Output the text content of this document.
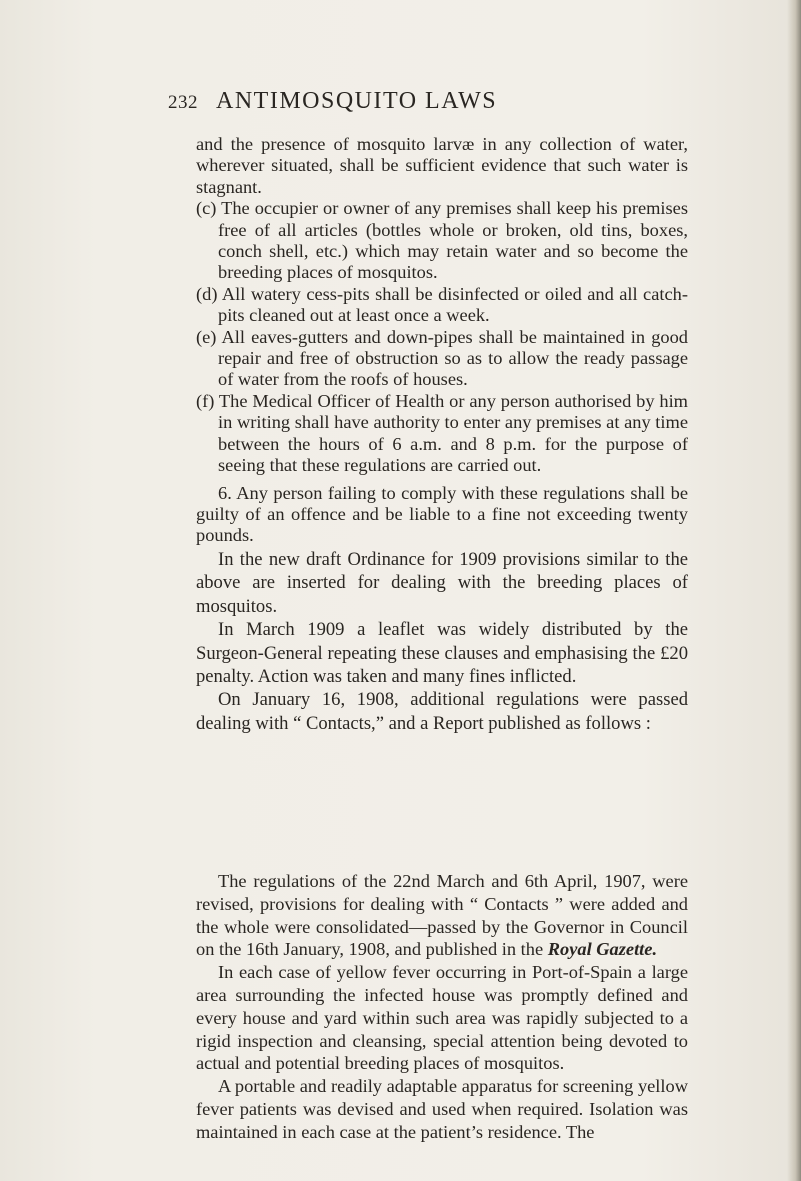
232 ANTIMOSQUITO LAWS

and the presence of mosquito larvæ in any collection of water, wherever situated, shall be sufficient evidence that such water is stagnant.

(c) The occupier or owner of any premises shall keep his premises free of all articles (bottles whole or broken, old tins, boxes, conch shell, etc.) which may retain water and so become the breeding places of mosquitos.

(d) All watery cess-pits shall be disinfected or oiled and all catch-pits cleaned out at least once a week.

(e) All eaves-gutters and down-pipes shall be maintained in good repair and free of obstruction so as to allow the ready passage of water from the roofs of houses.

(f) The Medical Officer of Health or any person authorised by him in writing shall have authority to enter any premises at any time between the hours of 6 a.m. and 8 p.m. for the purpose of seeing that these regulations are carried out.

6. Any person failing to comply with these regulations shall be guilty of an offence and be liable to a fine not exceeding twenty pounds.

In the new draft Ordinance for 1909 provisions similar to the above are inserted for dealing with the breeding places of mosquitos.

In March 1909 a leaflet was widely distributed by the Surgeon-General repeating these clauses and emphasising the £20 penalty. Action was taken and many fines inflicted.

On January 16, 1908, additional regulations were passed dealing with “ Contacts,” and a Report published as follows :

The regulations of the 22nd March and 6th April, 1907, were revised, provisions for dealing with “ Contacts ” were added and the whole were consolidated—passed by the Governor in Council on the 16th January, 1908, and published in the Royal Gazette.

In each case of yellow fever occurring in Port-of-Spain a large area surrounding the infected house was promptly defined and every house and yard within such area was rapidly subjected to a rigid inspection and cleansing, special attention being devoted to actual and potential breeding places of mosquitos.

A portable and readily adaptable apparatus for screening yellow fever patients was devised and used when required. Isolation was maintained in each case at the patient’s residence. The
